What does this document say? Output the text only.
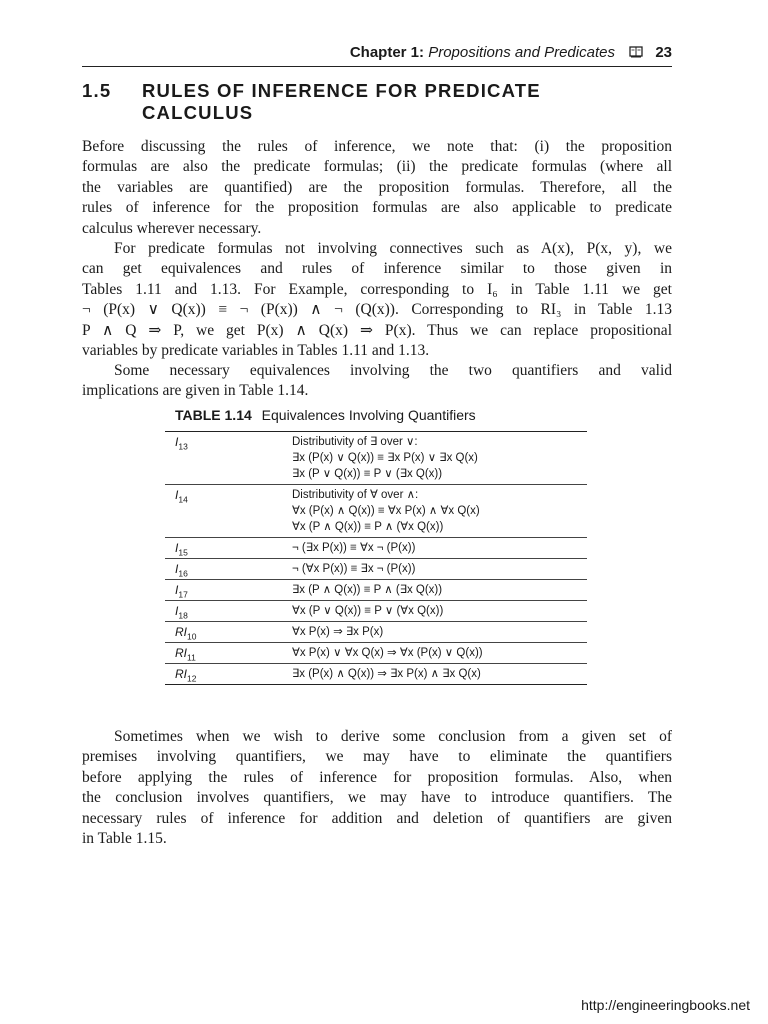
Chapter 1: Propositions and Predicates	23
1.5 RULES OF INFERENCE FOR PREDICATE
CALCULUS
Before discussing the rules of inference, we note that: (i) the proposition
formulas are also the predicate formulas; (ii) the predicate formulas (where all
the variables are quantified) are the proposition formulas. Therefore, all the
rules of inference for the proposition formulas are also applicable to predicate
calculus wherever necessary.
For predicate formulas not involving connectives such as A(x), P(x, y), we
can get equivalences and rules of inference similar to those given in
Tables 1.11 and 1.13. For Example, corresponding to I₆ in Table 1.11 we get
¬ (P(x) ∨ Q(x)) ≡ ¬ (P(x)) ∧ ¬ (Q(x)). Corresponding to RI₃ in Table 1.13
P ∧ Q ⇒ P, we get P(x) ∧ Q(x) ⇒ P(x). Thus we can replace propositional
variables by predicate variables in Tables 1.11 and 1.13.
Some necessary equivalences involving the two quantifiers and valid
implications are given in Table 1.14.
TABLE 1.14 Equivalences Involving Quantifiers
$I_{13}$	Distributivity of ∃ over ∨:
∃x (P(x) ∨ Q(x)) ≡ ∃x P(x) ∨ ∃x Q(x)
∃x (P ∨ Q(x)) ≡ P ∨ (∃x Q(x))
$I_{14}$	Distributivity of ∀ over ∧:
∀x (P(x) ∧ Q(x)) ≡ ∀x P(x) ∧ ∀x Q(x)
∀x (P ∧ Q(x)) ≡ P ∧ (∀x Q(x))
$I_{15}$	¬ (∃x P(x)) ≡ ∀x ¬ (P(x))
$I_{16}$	¬ (∀x P(x)) ≡ ∃x ¬ (P(x))
$I_{17}$	∃x (P ∧ Q(x)) ≡ P ∧ (∃x Q(x))
$I_{18}$	∀x (P ∨ Q(x)) ≡ P ∨ (∀x Q(x))
$RI_{10}$	∀x P(x) ⇒ ∃x P(x)
$RI_{11}$	∀x P(x) ∨ ∀x Q(x) ⇒ ∀x (P(x) ∨ Q(x))
$RI_{12}$	∃x (P(x) ∧ Q(x)) ⇒ ∃x P(x) ∧ ∃x Q(x)
Sometimes when we wish to derive some conclusion from a given set of
premises involving quantifiers, we may have to eliminate the quantifiers
before applying the rules of inference for proposition formulas. Also, when
the conclusion involves quantifiers, we may have to introduce quantifiers. The
necessary rules of inference for addition and deletion of quantifiers are given
in Table 1.15.
http://engineeringbooks.net
